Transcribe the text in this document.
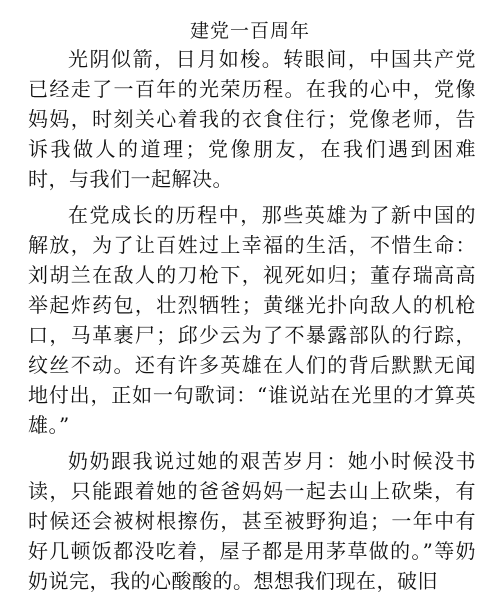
建党一百周年

光阴似箭，日月如梭。转眼间，中国共产党已经走了一百年的光荣历程。在我的心中，党像妈妈，时刻关心着我的衣食住行；党像老师，告诉我做人的道理；党像朋友，在我们遇到困难时，与我们一起解决。

在党成长的历程中，那些英雄为了新中国的解放，为了让百姓过上幸福的生活，不惜生命：刘胡兰在敌人的刀枪下，视死如归；董存瑞高高举起炸药包，壮烈牺牲；黄继光扑向敌人的机枪口，马革裹尸；邱少云为了不暴露部队的行踪，纹丝不动。还有许多英雄在人们的背后默默无闻地付出，正如一句歌词：“谁说站在光里的才算英雄。”

奶奶跟我说过她的艰苦岁月：她小时候没书读，只能跟着她的爸爸妈妈一起去山上砍柴，有时候还会被树根擦伤，甚至被野狗追；一年中有好几顿饭都没吃着，屋子都是用茅草做的。”等奶奶说完，我的心酸酸的。想想我们现在，破旧
